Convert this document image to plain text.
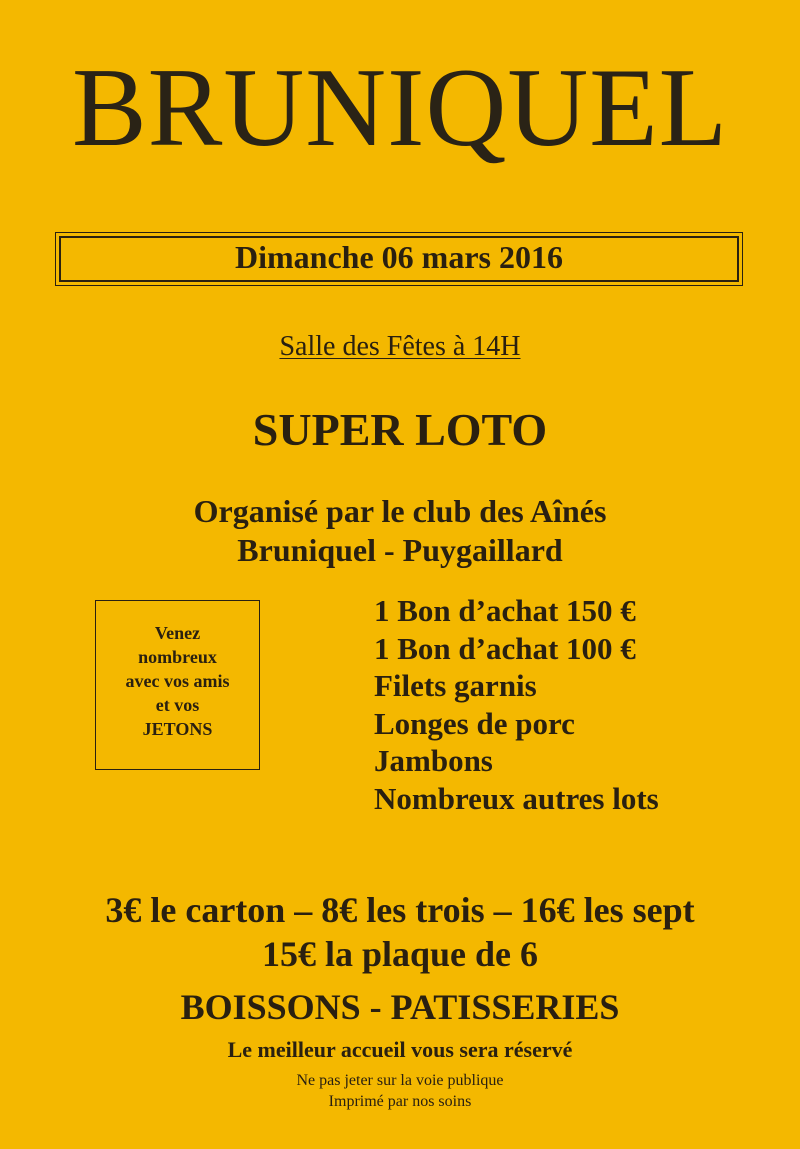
BRUNIQUEL
Dimanche 06 mars 2016
Salle des Fêtes à 14H
SUPER LOTO
Organisé par le club des Aînés
Bruniquel - Puygaillard
Venez
nombreux
avec vos amis
et vos
JETONS
1 Bon d’achat 150 €
1 Bon d’achat 100 €
Filets garnis
Longes de porc
Jambons
Nombreux autres lots
3€ le carton – 8€ les trois – 16€ les sept
15€ la plaque de 6
BOISSONS - PATISSERIES
Le meilleur accueil vous sera réservé
Ne pas jeter sur la voie publique
Imprimé par nos soins
